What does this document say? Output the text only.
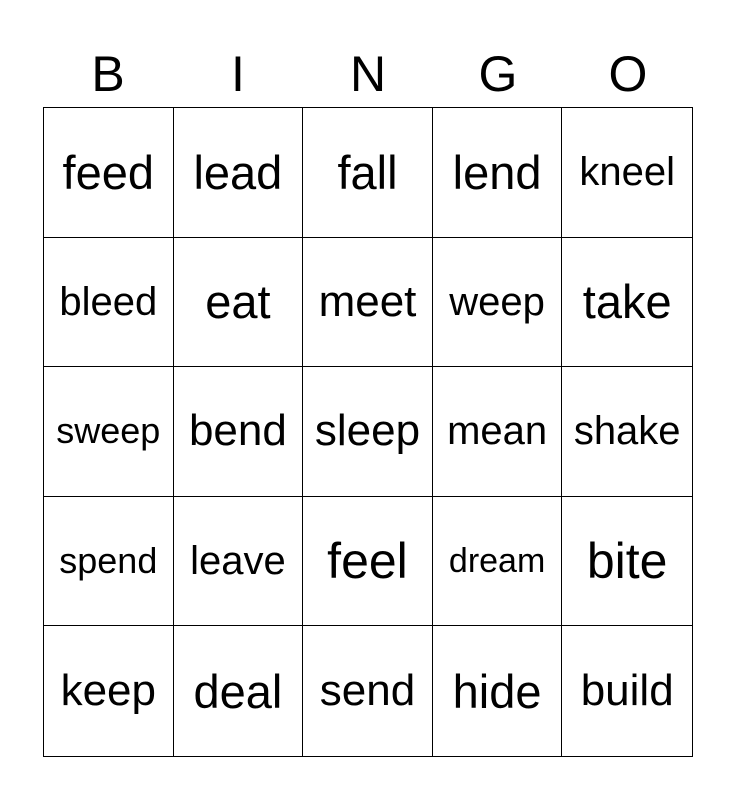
B	I	N	G	O
feed lead fall lend kneel
bleed eat meet weep take
sweep bend sleep mean shake
spend leave feel dream bite
keep deal send hide build
